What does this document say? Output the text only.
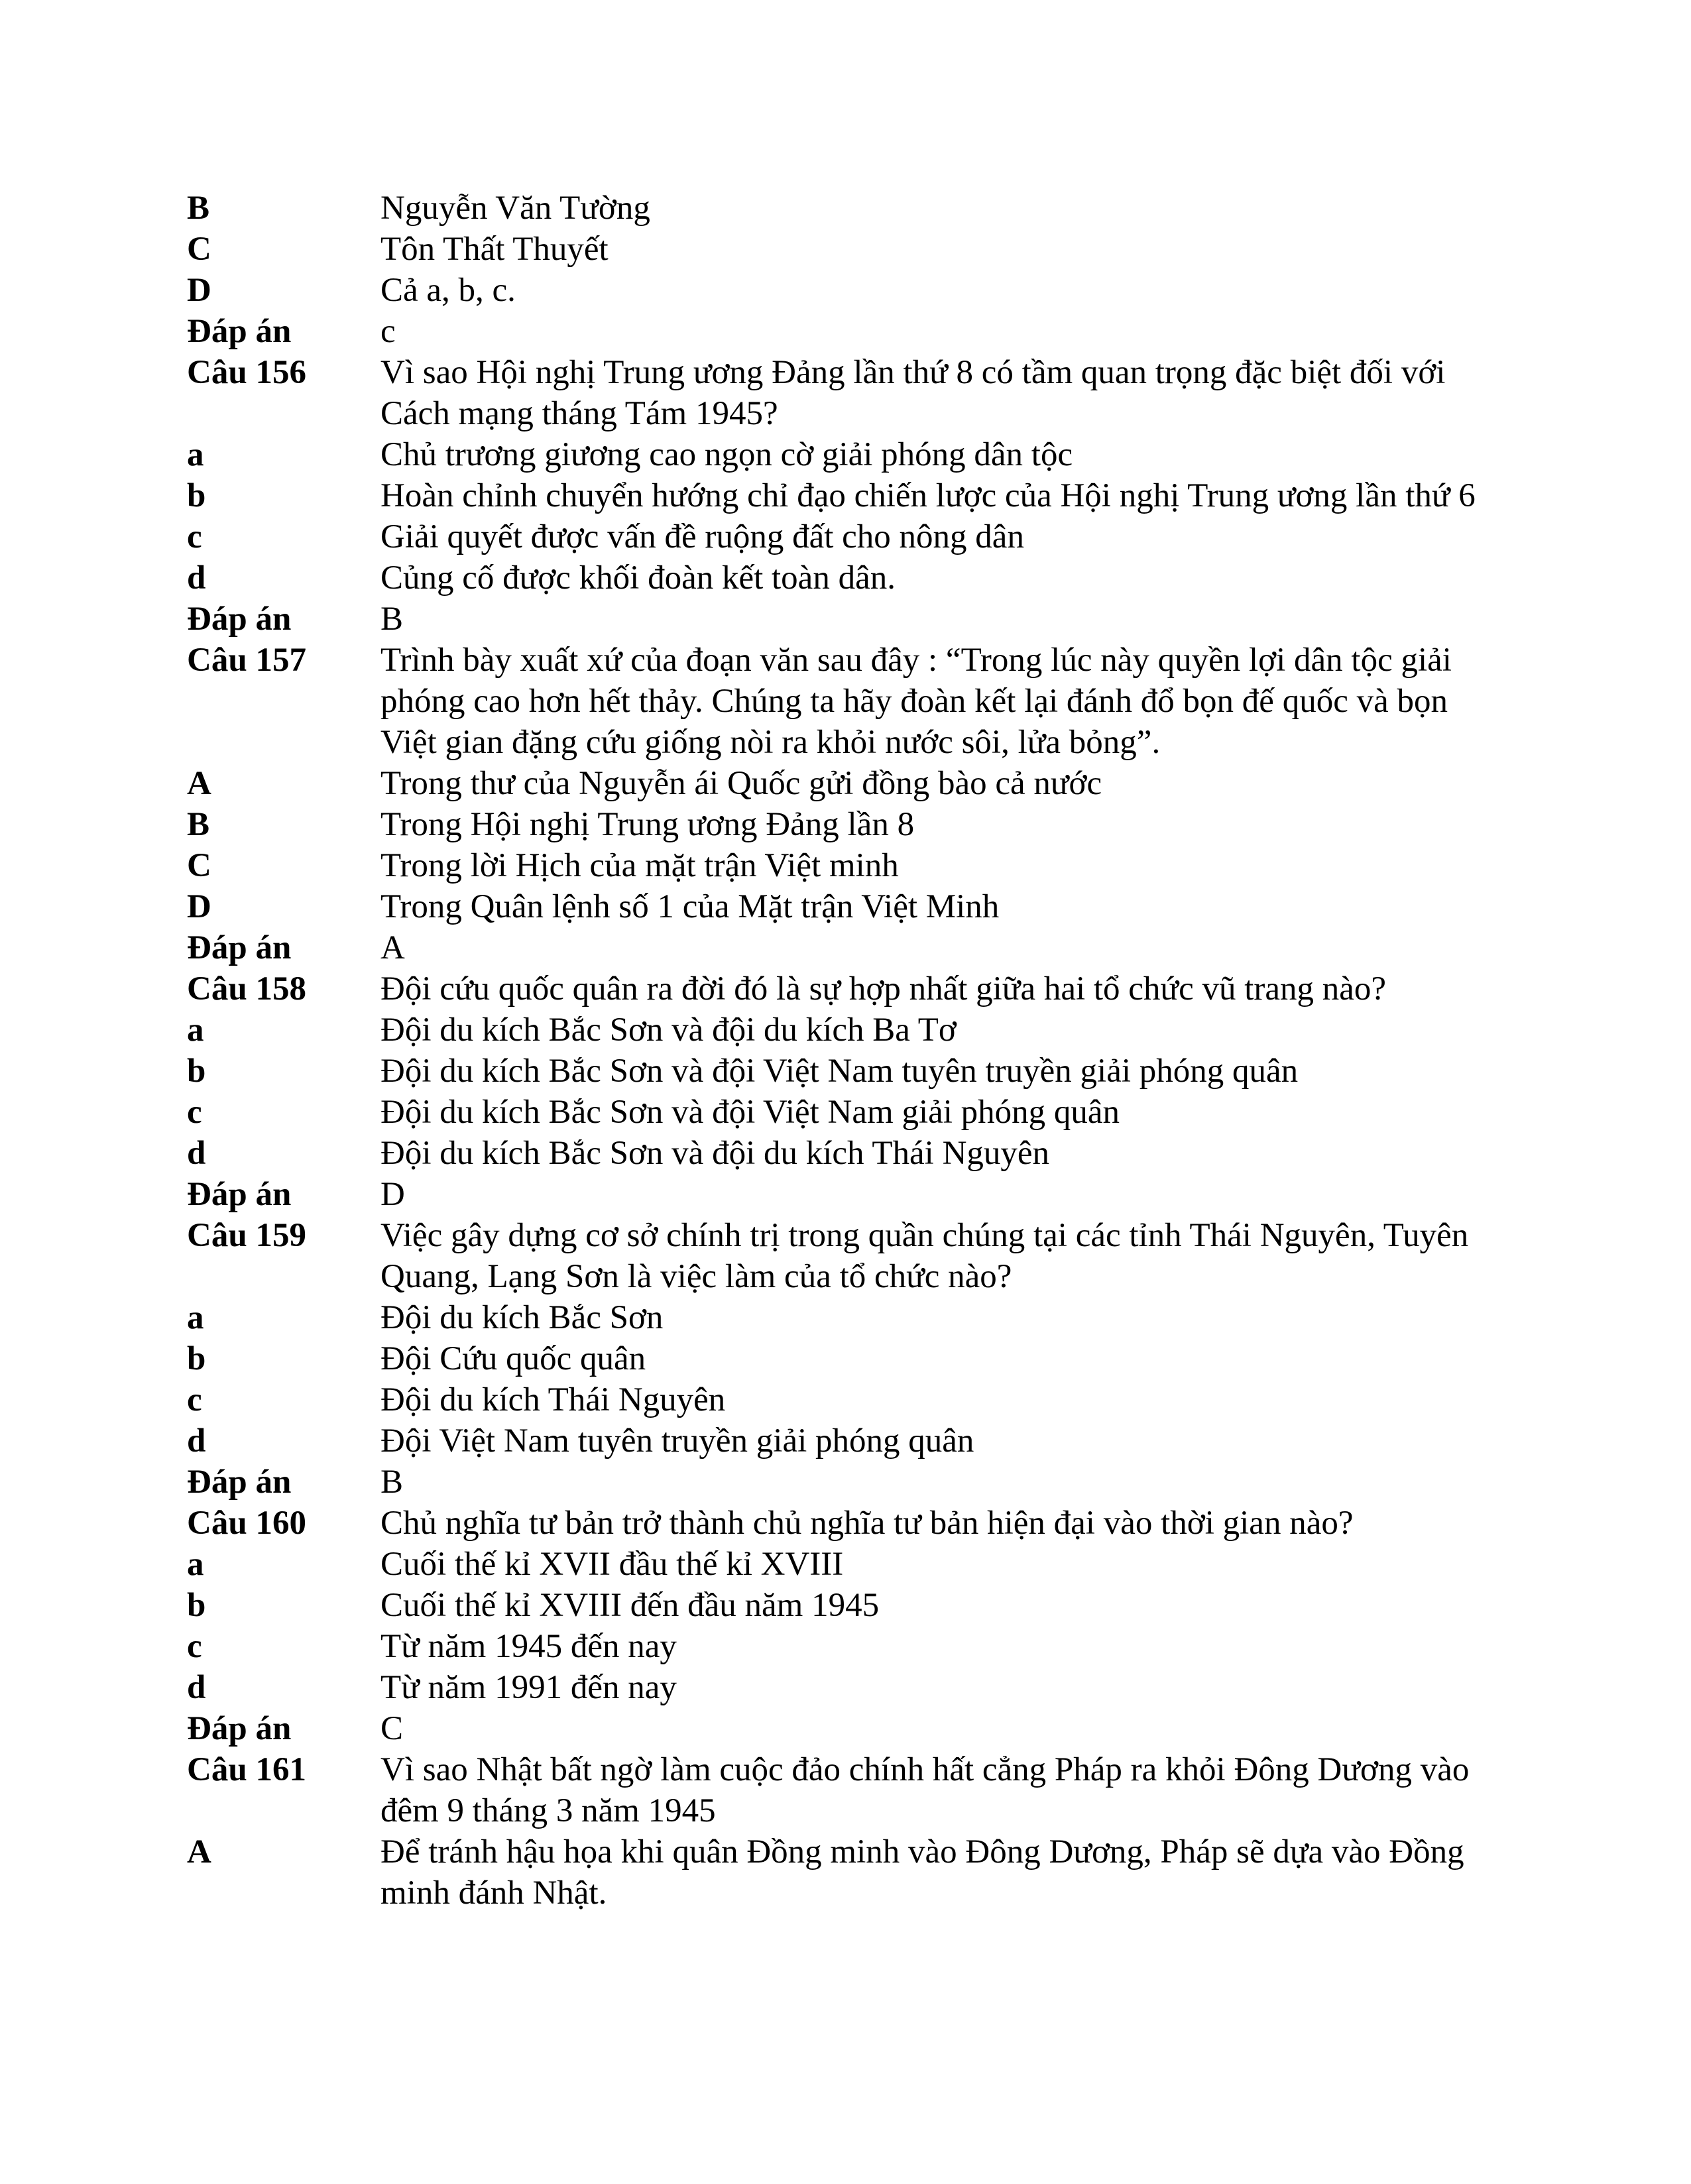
B	Nguyễn Văn Tường
C	Tôn Thất Thuyết
D	Cả a, b, c.
Đáp án	c
Câu 156	Vì sao Hội nghị Trung ương Đảng lần thứ 8 có tầm quan trọng đặc biệt đối với Cách mạng tháng Tám 1945?
a	Chủ trương giương cao ngọn cờ giải phóng dân tộc
b	Hoàn chỉnh chuyển hướng chỉ đạo chiến lược của Hội nghị Trung ương lần thứ 6
c	Giải quyết được vấn đề ruộng đất cho nông dân
d	Củng cố được khối đoàn kết toàn dân.
Đáp án	B
Câu 157	Trình bày xuất xứ của đoạn văn sau đây : “Trong lúc này quyền lợi dân tộc giải phóng cao hơn hết thảy. Chúng ta hãy đoàn kết lại đánh đổ bọn đế quốc và bọn Việt gian đặng cứu giống nòi ra khỏi nước sôi, lửa bỏng”.
A	Trong thư của Nguyễn ái Quốc gửi đồng bào cả nước
B	Trong Hội nghị Trung ương Đảng lần 8
C	Trong lời Hịch của mặt trận Việt minh
D	Trong Quân lệnh số 1 của Mặt trận Việt Minh
Đáp án	A
Câu 158	Đội cứu quốc quân ra đời đó là sự hợp nhất giữa hai tổ chức vũ trang nào?
a	Đội du kích Bắc Sơn và đội du kích Ba Tơ
b	Đội du kích Bắc Sơn và đội Việt Nam tuyên truyền giải phóng quân
c	Đội du kích Bắc Sơn và đội Việt Nam giải phóng quân
d	Đội du kích Bắc Sơn và đội du kích Thái Nguyên
Đáp án	D
Câu 159	Việc gây dựng cơ sở chính trị trong quần chúng tại các tỉnh Thái Nguyên, Tuyên Quang, Lạng Sơn là việc làm của tổ chức nào?
a	Đội du kích Bắc Sơn
b	Đội Cứu quốc quân
c	Đội du kích Thái Nguyên
d	Đội Việt Nam tuyên truyền giải phóng quân
Đáp án	B
Câu 160	Chủ nghĩa tư bản trở thành chủ nghĩa tư bản hiện đại vào thời gian nào?
a	Cuối thế kỉ XVII đầu thế kỉ XVIII
b	Cuối thế kỉ XVIII đến đầu năm 1945
c	Từ năm 1945 đến nay
d	Từ năm 1991 đến nay
Đáp án	C
Câu 161	Vì sao Nhật bất ngờ làm cuộc đảo chính hất cẳng Pháp ra khỏi Đông Dương vào đêm 9 tháng 3 năm 1945
A	Để tránh hậu họa khi quân Đồng minh vào Đông Dương, Pháp sẽ dựa vào Đồng minh đánh Nhật.
